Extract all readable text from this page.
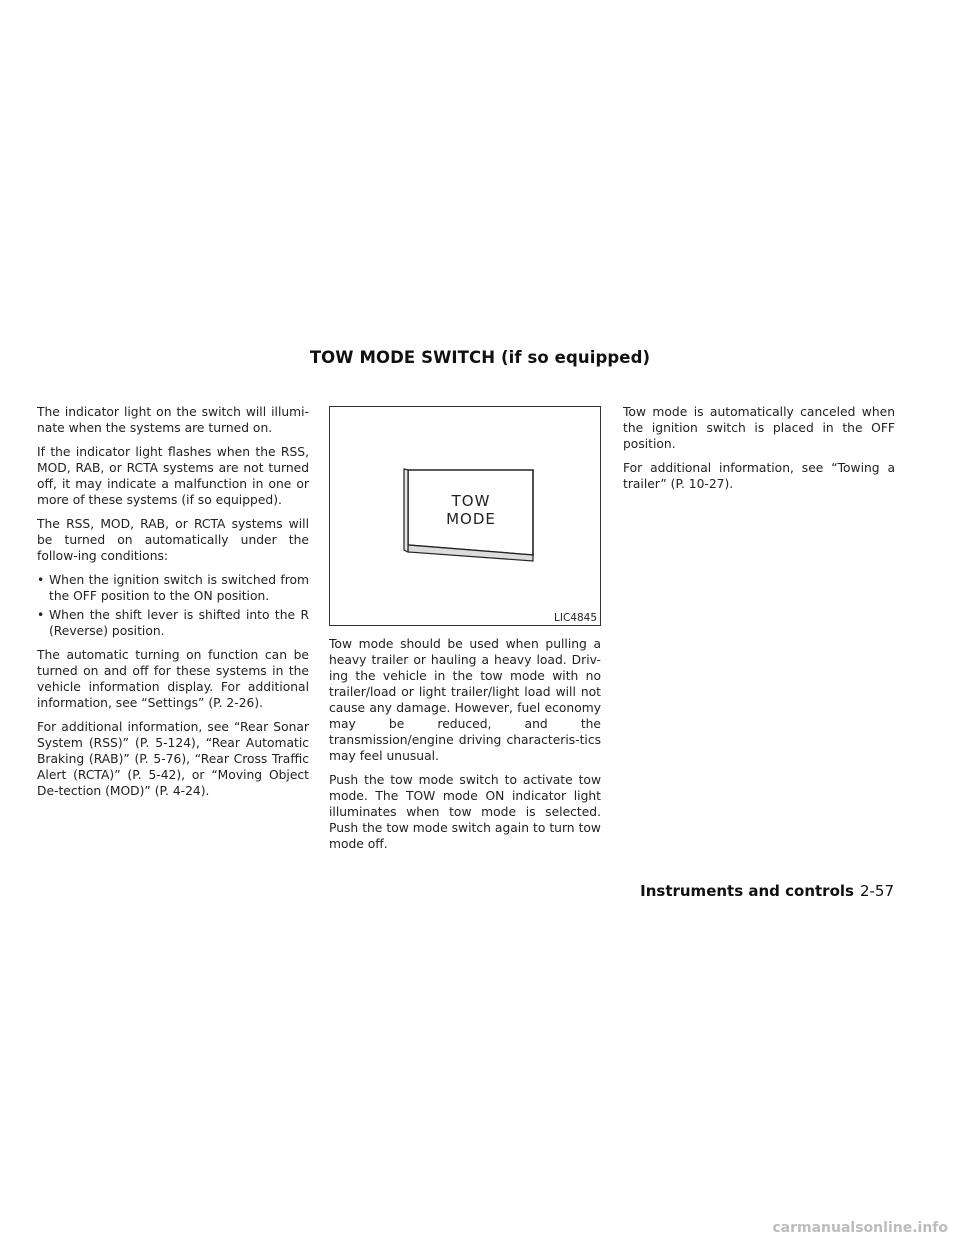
TOW MODE SWITCH (if so equipped)

The indicator light on the switch will illumi-nate when the systems are turned on.

If the indicator light flashes when the RSS, MOD, RAB, or RCTA systems are not turned off, it may indicate a malfunction in one or more of these systems (if so equipped).

The RSS, MOD, RAB, or RCTA systems will be turned on automatically under the follow-ing conditions:

• When the ignition switch is switched from the OFF position to the ON position.
• When the shift lever is shifted into the R (Reverse) position.

The automatic turning on function can be turned on and off for these systems in the vehicle information display. For additional information, see “Settings” (P. 2-26).

For additional information, see “Rear Sonar System (RSS)” (P. 5-124), “Rear Automatic Braking (RAB)” (P. 5-76), “Rear Cross Traffic Alert (RCTA)” (P. 5-42), or “Moving Object De-tection (MOD)” (P. 4-24).

TOW
MODE
LIC4845

Tow mode should be used when pulling a heavy trailer or hauling a heavy load. Driv-ing the vehicle in the tow mode with no trailer/load or light trailer/light load will not cause any damage. However, fuel economy may be reduced, and the transmission/engine driving characteris-tics may feel unusual.

Push the tow mode switch to activate tow mode. The TOW mode ON indicator light illuminates when tow mode is selected. Push the tow mode switch again to turn tow mode off.

Tow mode is automatically canceled when the ignition switch is placed in the OFF position.

For additional information, see “Towing a trailer” (P. 10-27).

Instruments and controls 2-57
carmanualsonline.info
